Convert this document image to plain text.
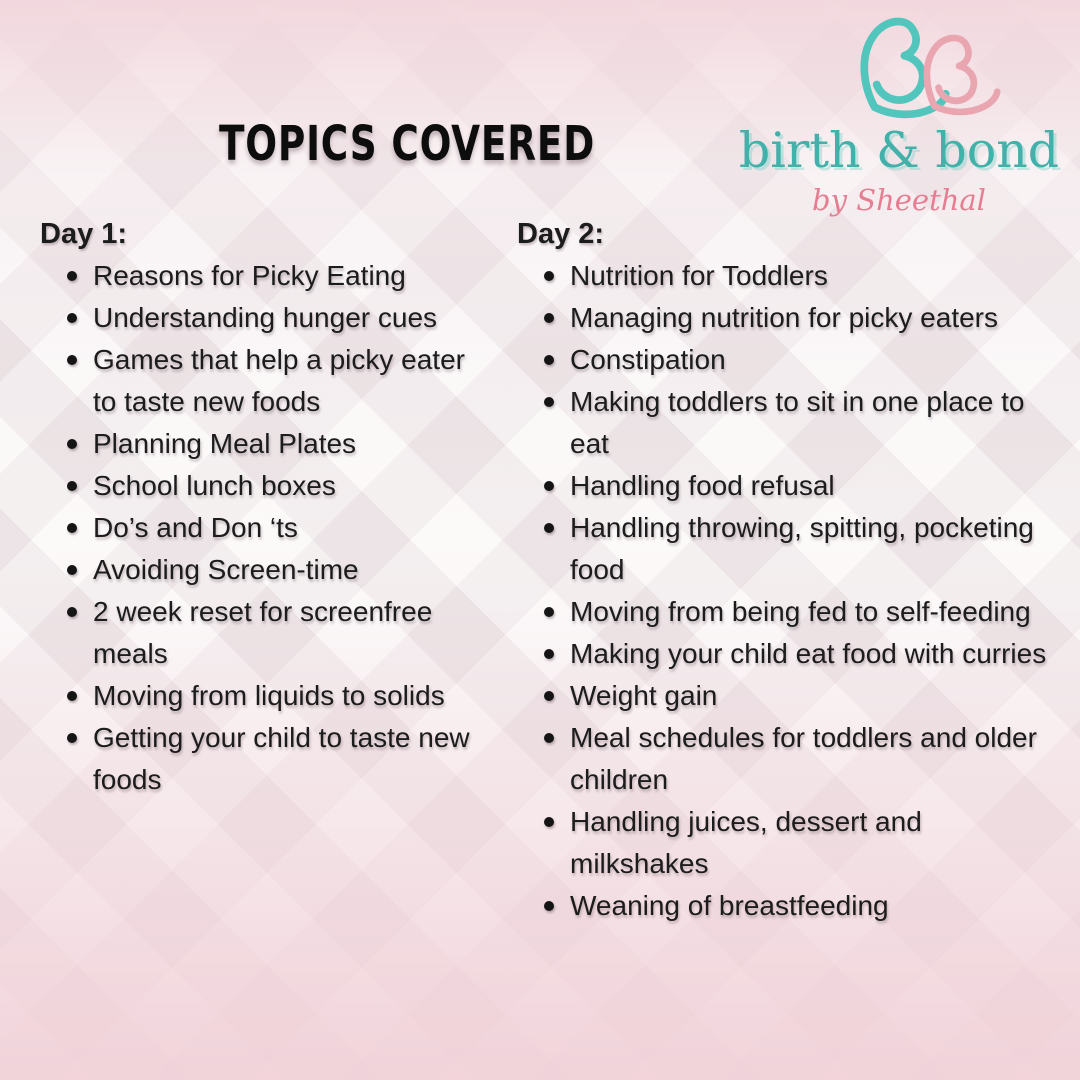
TOPICS COVERED	birth & bond
by Sheethal
Day 1:
Reasons for Picky Eating
Understanding hunger cues
Games that help a picky eater to taste new foods
Planning Meal Plates
School lunch boxes
Do’s and Don ‘ts
Avoiding Screen-time
2 week reset for screenfree meals
Moving from liquids to solids
Getting your child to taste new foods
Day 2:
Nutrition for Toddlers
Managing nutrition for picky eaters
Constipation
Making toddlers to sit in one place to eat
Handling food refusal
Handling throwing, spitting, pocketing food
Moving from being fed to self-feeding
Making your child eat food with curries
Weight gain
Meal schedules for toddlers and older children
Handling juices, dessert and milkshakes
Weaning of breastfeeding
